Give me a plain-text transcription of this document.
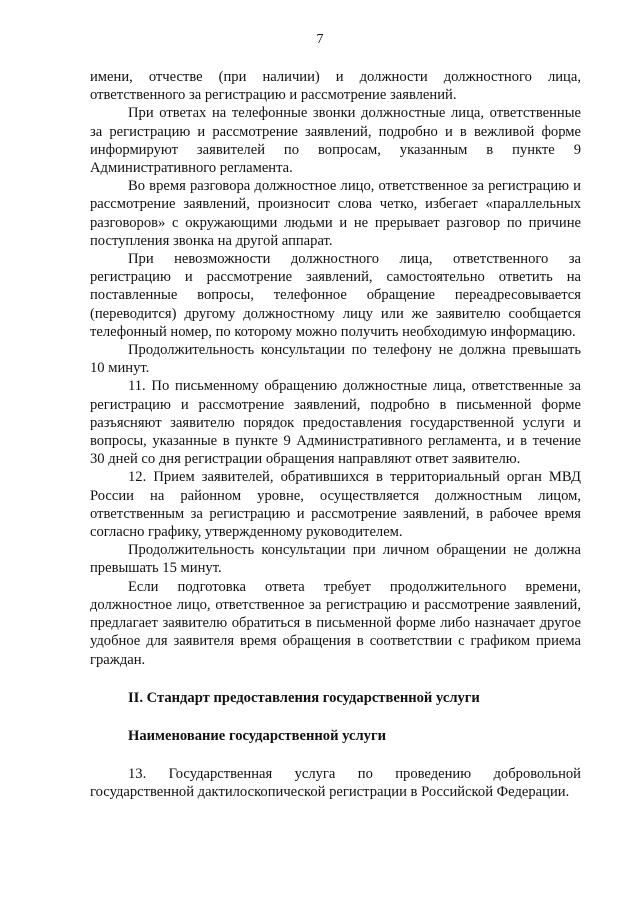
7

имени, отчестве (при наличии) и должности должностного лица, ответственного за регистрацию и рассмотрение заявлений.

При ответах на телефонные звонки должностные лица, ответственные за регистрацию и рассмотрение заявлений, подробно и в вежливой форме информируют заявителей по вопросам, указанным в пункте 9 Административного регламента.

Во время разговора должностное лицо, ответственное за регистрацию и рассмотрение заявлений, произносит слова четко, избегает «параллельных разговоров» с окружающими людьми и не прерывает разговор по причине поступления звонка на другой аппарат.

При невозможности должностного лица, ответственного за регистрацию и рассмотрение заявлений, самостоятельно ответить на поставленные вопросы, телефонное обращение переадресовывается (переводится) другому должностному лицу или же заявителю сообщается телефонный номер, по которому можно получить необходимую информацию.

Продолжительность консультации по телефону не должна превышать 10 минут.

11. По письменному обращению должностные лица, ответственные за регистрацию и рассмотрение заявлений, подробно в письменной форме разъясняют заявителю порядок предоставления государственной услуги и вопросы, указанные в пункте 9 Административного регламента, и в течение 30 дней со дня регистрации обращения направляют ответ заявителю.

12. Прием заявителей, обратившихся в территориальный орган МВД России на районном уровне, осуществляется должностным лицом, ответственным за регистрацию и рассмотрение заявлений, в рабочее время согласно графику, утвержденному руководителем.

Продолжительность консультации при личном обращении не должна превышать 15 минут.

Если подготовка ответа требует продолжительного времени, должностное лицо, ответственное за регистрацию и рассмотрение заявлений, предлагает заявителю обратиться в письменной форме либо назначает другое удобное для заявителя время обращения в соответствии с графиком приема граждан.

II. Стандарт предоставления государственной услуги

Наименование государственной услуги

13. Государственная услуга по проведению добровольной государственной дактилоскопической регистрации в Российской Федерации.
